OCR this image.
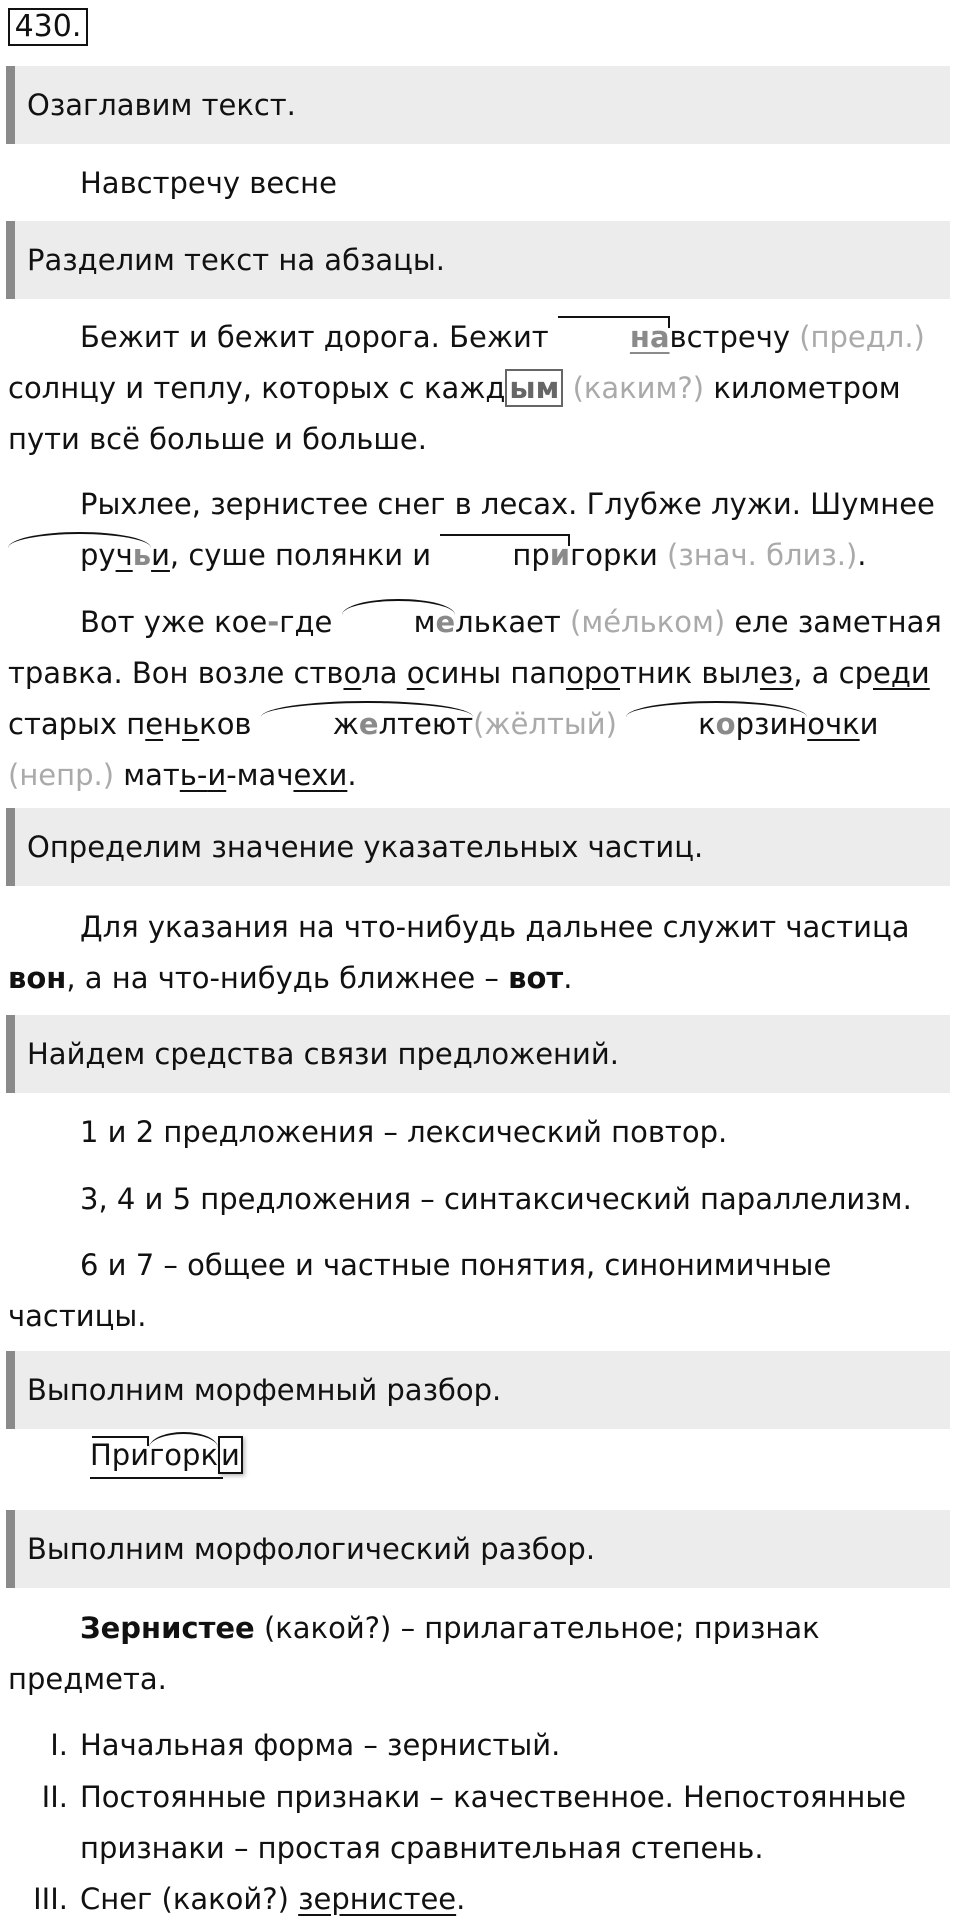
430.
Озаглавим текст.
Навстречу весне
Разделим текст на абзацы.
Бежит и бежит дорога. Бежит навстречу (предл.) солнцу и теплу, которых с кажд ым (каким?) километром пути всё больше и больше.
Рыхлее, зернистее снег в лесах. Глубже лужи. Шумнее ручьи, суше полянки и пригорки (знач. близ.).
Вот уже кое-где мелькает (ме́льком) еле заметная травка. Вон возле ствола осины папоротник вылез, а среди старых пеньков желтеют(жёлтый)	корзиночки (непр.) мать-и-мачехи.
Определим значение указательных частиц.
Для указания на что-нибудь дальнее служит частица вон, а на что-нибудь ближнее – вот.
Найдем средства связи предложений.
1 и 2 предложения – лексический повтор.
3, 4 и 5 предложения – синтаксический параллелизм.
6 и 7 – общее и частные понятия, синонимичные частицы.
Выполним морфемный разбор.
Пригорк и
Выполним морфологический разбор.
Зернистее (какой?) – прилагательное; признак предмета.
I. Начальная форма – зернистый.
II. Постоянные признаки – качественное. Непостоянные признаки – простая сравнительная степень.
III. Снег (какой?) зернистее.
